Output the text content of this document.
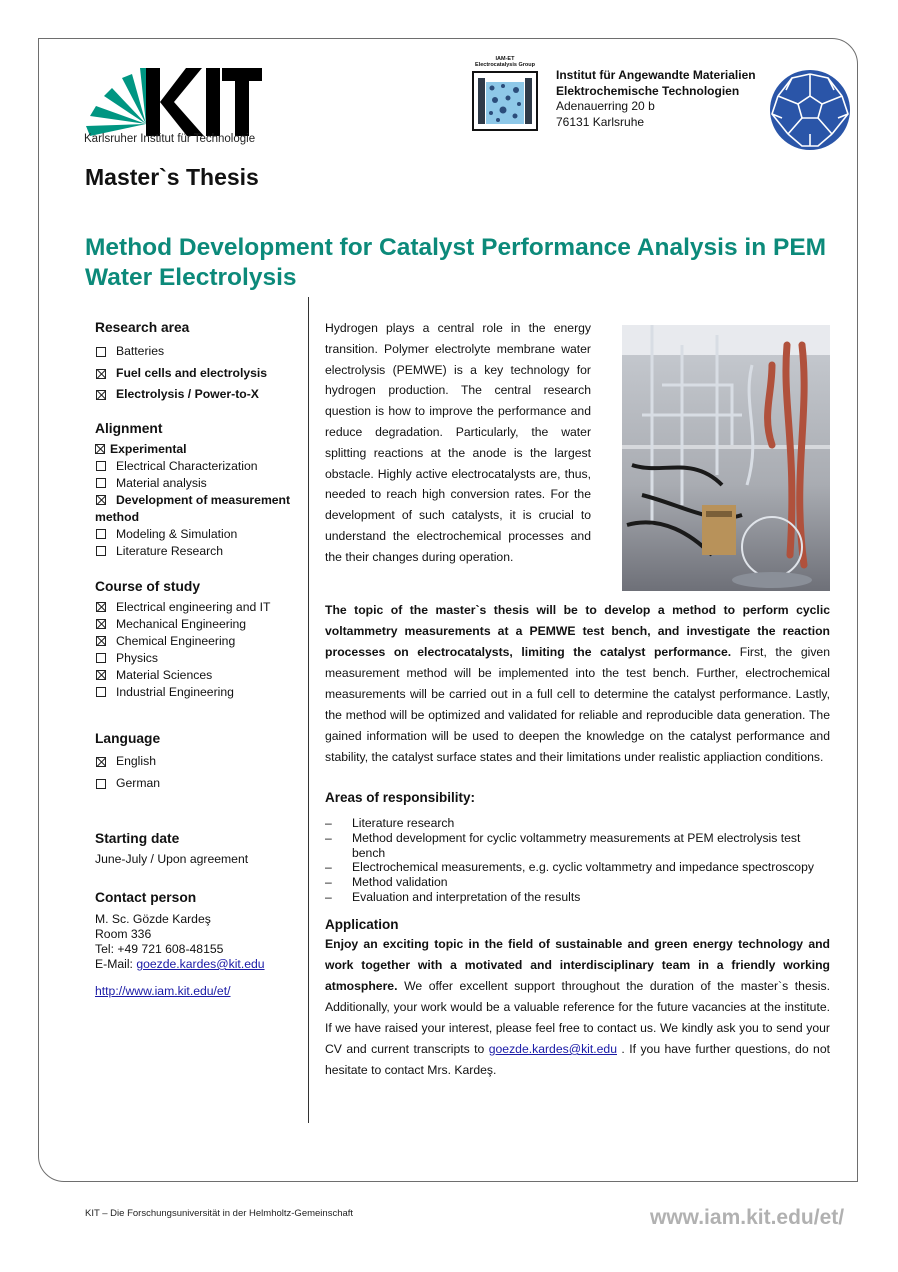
Karlsruher Institut für Technologie
IAM-ET
Electrocatalysis Group
Institut für Angewandte Materialien
Elektrochemische Technologien
Adenauerring 20 b
76131 Karlsruhe
Master`s Thesis
Method Development for Catalyst Performance Analysis in PEM Water Electrolysis
Research area
Batteries
Fuel cells and electrolysis
Electrolysis / Power-to-X
Alignment
Experimental
Electrical Characterization
Material analysis
Development of measurement method
Modeling & Simulation
Literature Research
Course of study
Electrical engineering and IT
Mechanical Engineering
Chemical Engineering
Physics
Material Sciences
Industrial Engineering
Language
English
German
Starting date
June-July / Upon agreement
Contact person
M. Sc. Gözde Kardeş
Room 336
Tel: +49 721 608-48155
E-Mail: goezde.kardes@kit.edu
http://www.iam.kit.edu/et/
Hydrogen plays a central role in the energy transition. Polymer electrolyte membrane water electrolysis (PEMWE) is a key technology for hydrogen production. The central research question is how to improve the performance and reduce degradation. Particularly, the water splitting reactions at the anode is the largest obstacle. Highly active electrocatalysts are, thus, needed to reach high conversion rates. For the development of such catalysts, it is crucial to understand the electrochemical processes and the their changes during operation.
The topic of the master`s thesis will be to develop a method to perform cyclic voltammetry measurements at a PEMWE test bench, and investigate the reaction processes on electrocatalysts, limiting the catalyst performance. First, the given measurement method will be implemented into the test bench. Further, electrochemical measurements will be carried out in a full cell to determine the catalyst performance. Lastly, the method will be optimized and validated for reliable and reproducible data generation. The gained information will be used to deepen the knowledge on the catalyst performance and stability, the catalyst surface states and their limitations under realistic appliaction conditions.
Areas of responsibility:
– Literature research
– Method development for cyclic voltammetry measurements at PEM electrolysis test bench
– Electrochemical measurements, e.g. cyclic voltammetry and impedance spectroscopy
– Method validation
– Evaluation and interpretation of the results
Application
Enjoy an exciting topic in the field of sustainable and green energy technology and work together with a motivated and interdisciplinary team in a friendly working atmosphere. We offer excellent support throughout the duration of the master`s thesis. Additionally, your work would be a valuable reference for the future vacancies at the institute. If we have raised your interest, please feel free to contact us. We kindly ask you to send your CV and current transcripts to goezde.kardes@kit.edu . If you have further questions, do not hesitate to contact Mrs. Kardeş.
KIT – Die Forschungsuniversität in der Helmholtz-Gemeinschaft	www.iam.kit.edu/et/
